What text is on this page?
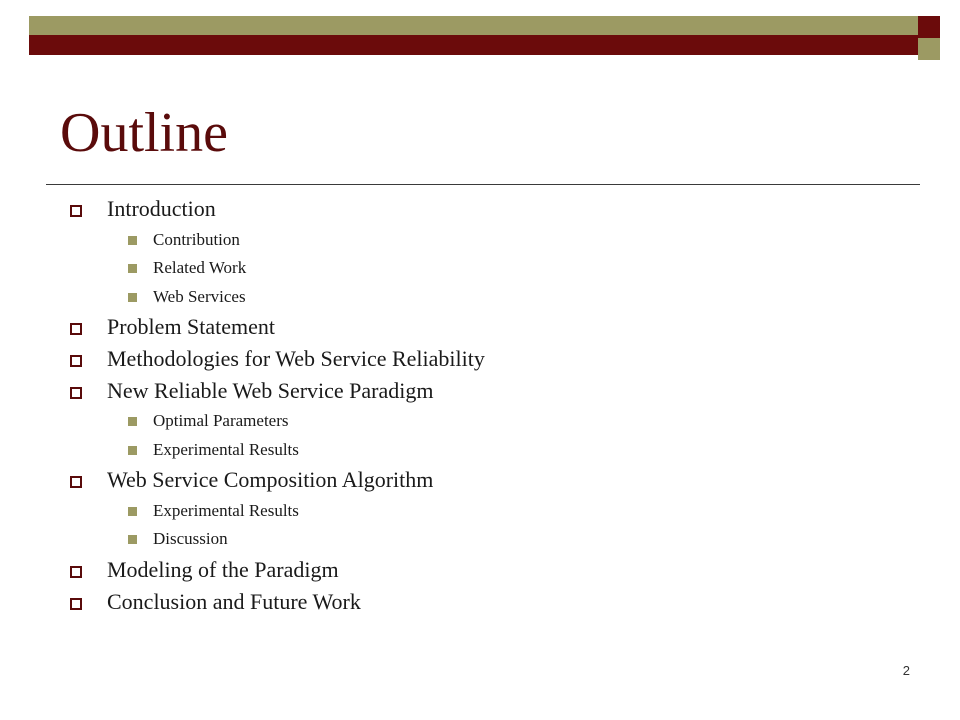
Outline
Introduction
Contribution
Related Work
Web Services
Problem Statement
Methodologies for Web Service Reliability
New Reliable Web Service Paradigm
Optimal Parameters
Experimental Results
Web Service Composition Algorithm
Experimental Results
Discussion
Modeling of the Paradigm
Conclusion and Future Work
2
